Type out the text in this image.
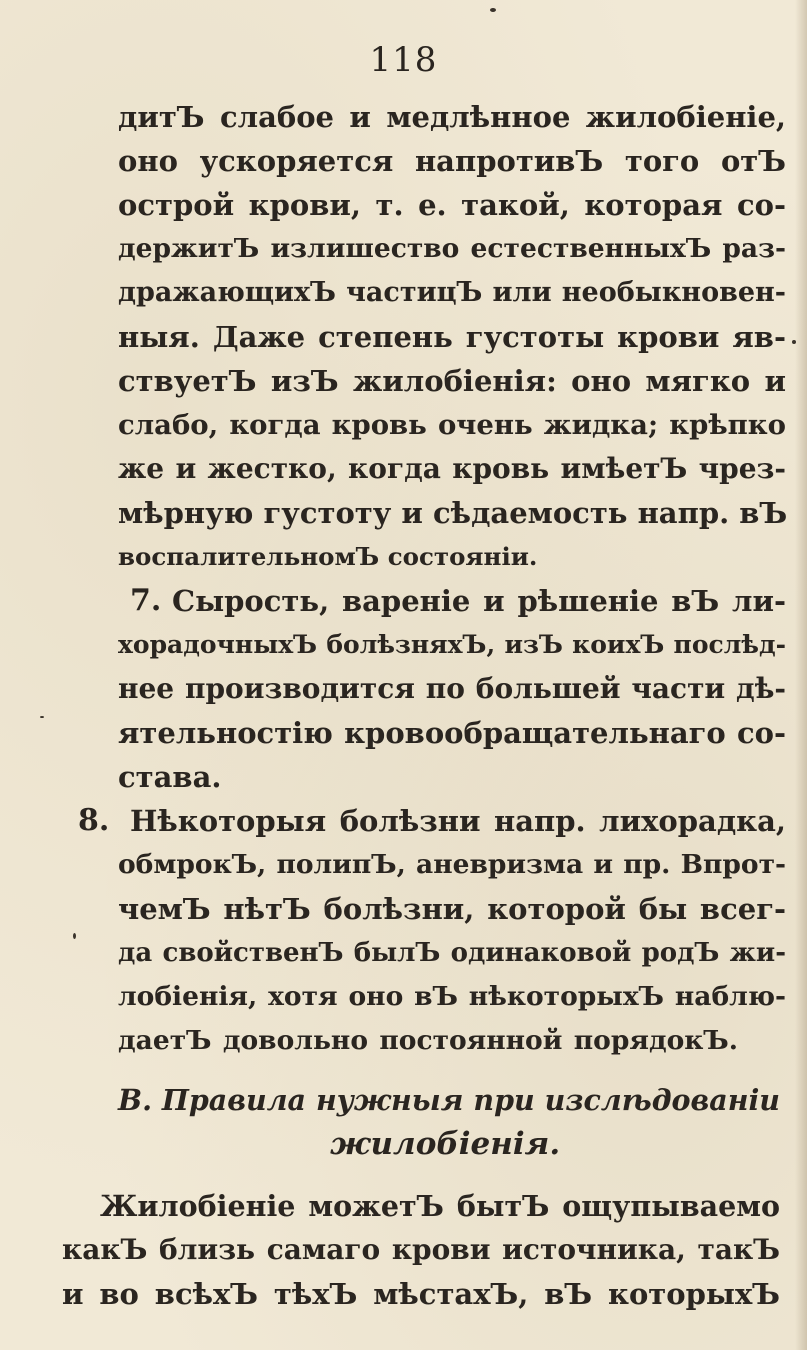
118
дитЪ слабое и медлѣнное жилобіеніе,
оно ускоряется напротивЪ того отЪ
острой крови, т. е. такой, которая со-
держитЪ излишество естественныхЪ раз-
дражающихЪ частицЪ или необыкновен-
ныя. Даже степень густоты крови яв-
ствуетЪ изЪ жилобіенія: оно мягко и
слабо, когда кровь очень жидка; крѣпко
же и жестко, когда кровь имѣетЪ чрез-
мѣрную густоту и сѣдаемость напр. вЪ
воспалительномЪ состояніи.
7. Сырость, вареніе и рѣшеніе вЪ ли-
хорадочныхЪ болѣзняхЪ, изЪ коихЪ послѣд-
нее производится по большей части дѣ-
ятельностію кровообращательнаго со-
става.
8. Нѣкоторыя болѣзни напр. лихорадка,
обмрокЪ, полипЪ, аневризма и пр. Впрот-
чемЪ нѣтЪ болѣзни, которой бы всег-
да свойственЪ былЪ одинаковой родЪ жи-
лобіенія, хотя оно вЪ нѣкоторыхЪ наблю-
даетЪ довольно постоянной порядокЪ.
В. Правила нужныя при изслѣдованіи
жилобіенія.
Жилобіеніе можетЪ бытЪ ощупываемо
какЪ близь самаго крови источника, такЪ
и во всѣхЪ тѣхЪ мѣстахЪ, вЪ которыхЪ
